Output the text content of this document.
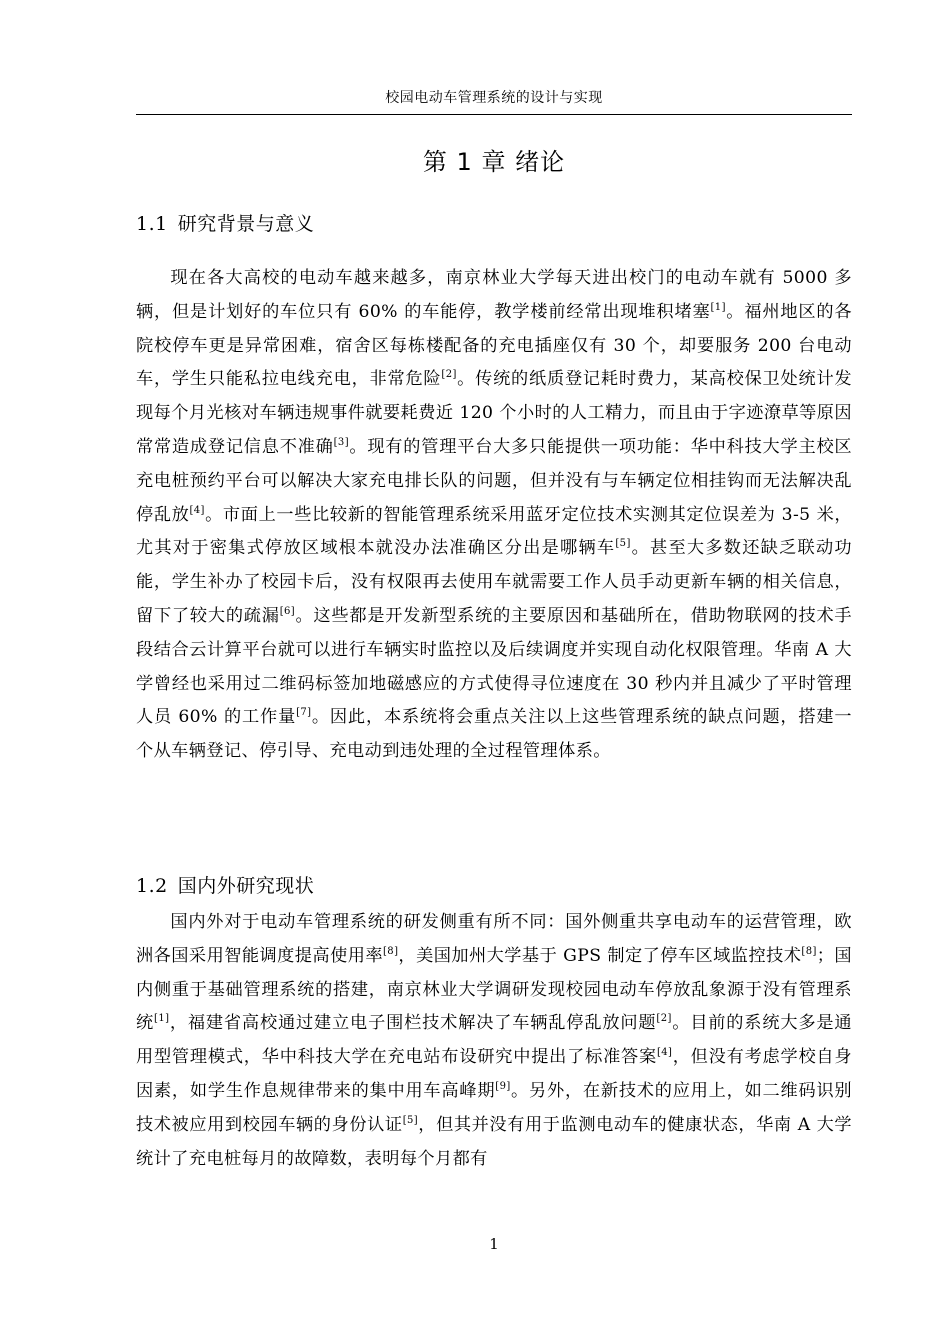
校园电动车管理系统的设计与实现
第 1 章 绪论
1.1 研究背景与意义

现在各大高校的电动车越来越多，南京林业大学每天进出校门的电动车就有 5000 多辆，但是计划好的车位只有 60% 的车能停，教学楼前经常出现堆积堵塞[1]。福州地区的各院校停车更是异常困难，宿舍区每栋楼配备的充电插座仅有 30 个，却要服务 200 台电动车，学生只能私拉电线充电，非常危险[2]。传统的纸质登记耗时费力，某高校保卫处统计发现每个月光核对车辆违规事件就要耗费近 120 个小时的人工精力，而且由于字迹潦草等原因常常造成登记信息不准确[3]。现有的管理平台大多只能提供一项功能：华中科技大学主校区充电桩预约平台可以解决大家充电排长队的问题，但并没有与车辆定位相挂钩而无法解决乱停乱放[4]。市面上一些比较新的智能管理系统采用蓝牙定位技术实测其定位误差为 3-5 米，尤其对于密集式停放区域根本就没办法准确区分出是哪辆车[5]。甚至大多数还缺乏联动功能，学生补办了校园卡后，没有权限再去使用车就需要工作人员手动更新车辆的相关信息，留下了较大的疏漏[6]。这些都是开发新型系统的主要原因和基础所在，借助物联网的技术手段结合云计算平台就可以进行车辆实时监控以及后续调度并实现自动化权限管理。华南 A 大学曾经也采用过二维码标签加地磁感应的方式使得寻位速度在 30 秒内并且减少了平时管理人员 60% 的工作量[7]。因此，本系统将会重点关注以上这些管理系统的缺点问题，搭建一个从车辆登记、停引导、充电动到违处理的全过程管理体系。

1.2 国内外研究现状

国内外对于电动车管理系统的研发侧重有所不同：国外侧重共享电动车的运营管理，欧洲各国采用智能调度提高使用率[8]，美国加州大学基于 GPS 制定了停车区域监控技术[8]；国内侧重于基础管理系统的搭建，南京林业大学调研发现校园电动车停放乱象源于没有管理系统[1]，福建省高校通过建立电子围栏技术解决了车辆乱停乱放问题[2]。目前的系统大多是通用型管理模式，华中科技大学在充电站布设研究中提出了标准答案[4]，但没有考虑学校自身因素，如学生作息规律带来的集中用车高峰期[9]。另外，在新技术的应用上，如二维码识别技术被应用到校园车辆的身份认证[5]，但其并没有用于监测电动车的健康状态，华南 A 大学统计了充电桩每月的故障数，表明每个月都有

1
